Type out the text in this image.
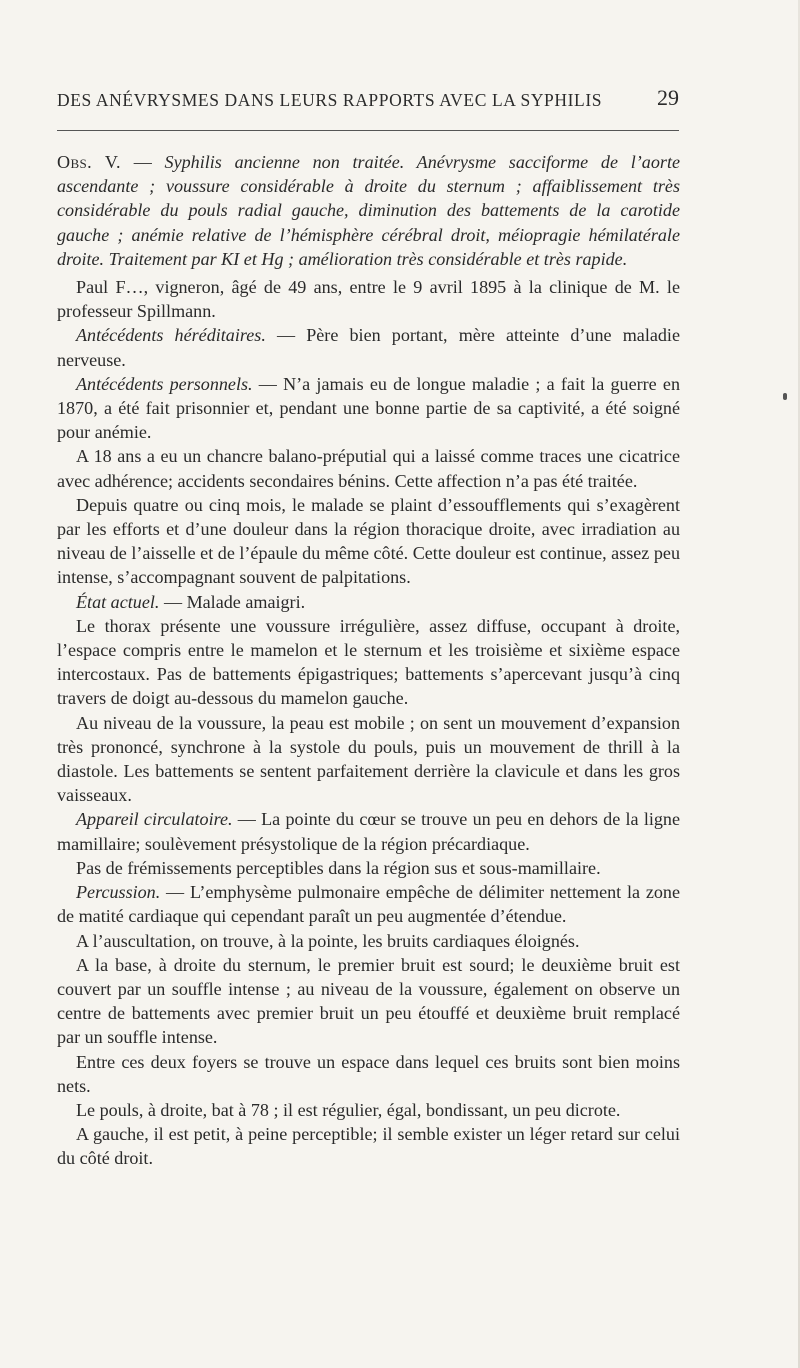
DES ANÉVRYSMES DANS LEURS RAPPORTS AVEC LA SYPHILIS 29

Obs. V. — Syphilis ancienne non traitée. Anévrysme sacciforme de l’aorte ascendante ; voussure considérable à droite du sternum ; affaiblissement très considérable du pouls radial gauche, diminution des battements de la carotide gauche ; anémie relative de l’hémisphère cérébral droit, méiopragie hémilatérale droite. Traitement par KI et Hg ; amélioration très considérable et très rapide.

Paul F…, vigneron, âgé de 49 ans, entre le 9 avril 1895 à la clinique de M. le professeur Spillmann.

Antécédents héréditaires. — Père bien portant, mère atteinte d’une maladie nerveuse.

Antécédents personnels. — N’a jamais eu de longue maladie ; a fait la guerre en 1870, a été fait prisonnier et, pendant une bonne partie de sa captivité, a été soigné pour anémie.

A 18 ans a eu un chancre balano-préputial qui a laissé comme traces une cicatrice avec adhérence; accidents secondaires bénins. Cette affection n’a pas été traitée.

Depuis quatre ou cinq mois, le malade se plaint d’essoufflements qui s’exagèrent par les efforts et d’une douleur dans la région thoracique droite, avec irradiation au niveau de l’aisselle et de l’épaule du même côté. Cette douleur est continue, assez peu intense, s’accompagnant souvent de palpitations.

État actuel. — Malade amaigri.

Le thorax présente une voussure irrégulière, assez diffuse, occupant à droite, l’espace compris entre le mamelon et le sternum et les troisième et sixième espace intercostaux. Pas de battements épigastriques; battements s’apercevant jusqu’à cinq travers de doigt au-dessous du mamelon gauche.

Au niveau de la voussure, la peau est mobile ; on sent un mouvement d’expansion très prononcé, synchrone à la systole du pouls, puis un mouvement de thrill à la diastole. Les battements se sentent parfaitement derrière la clavicule et dans les gros vaisseaux.

Appareil circulatoire. — La pointe du cœur se trouve un peu en dehors de la ligne mamillaire; soulèvement présystolique de la région précardiaque.

Pas de frémissements perceptibles dans la région sus et sous-mamillaire.

Percussion. — L’emphysème pulmonaire empêche de délimiter nettement la zone de matité cardiaque qui cependant paraît un peu augmentée d’étendue.

A l’auscultation, on trouve, à la pointe, les bruits cardiaques éloignés.

A la base, à droite du sternum, le premier bruit est sourd; le deuxième bruit est couvert par un souffle intense ; au niveau de la voussure, également on observe un centre de battements avec premier bruit un peu étouffé et deuxième bruit remplacé par un souffle intense.

Entre ces deux foyers se trouve un espace dans lequel ces bruits sont bien moins nets.

Le pouls, à droite, bat à 78 ; il est régulier, égal, bondissant, un peu dicrote.

A gauche, il est petit, à peine perceptible; il semble exister un léger retard sur celui du côté droit.
